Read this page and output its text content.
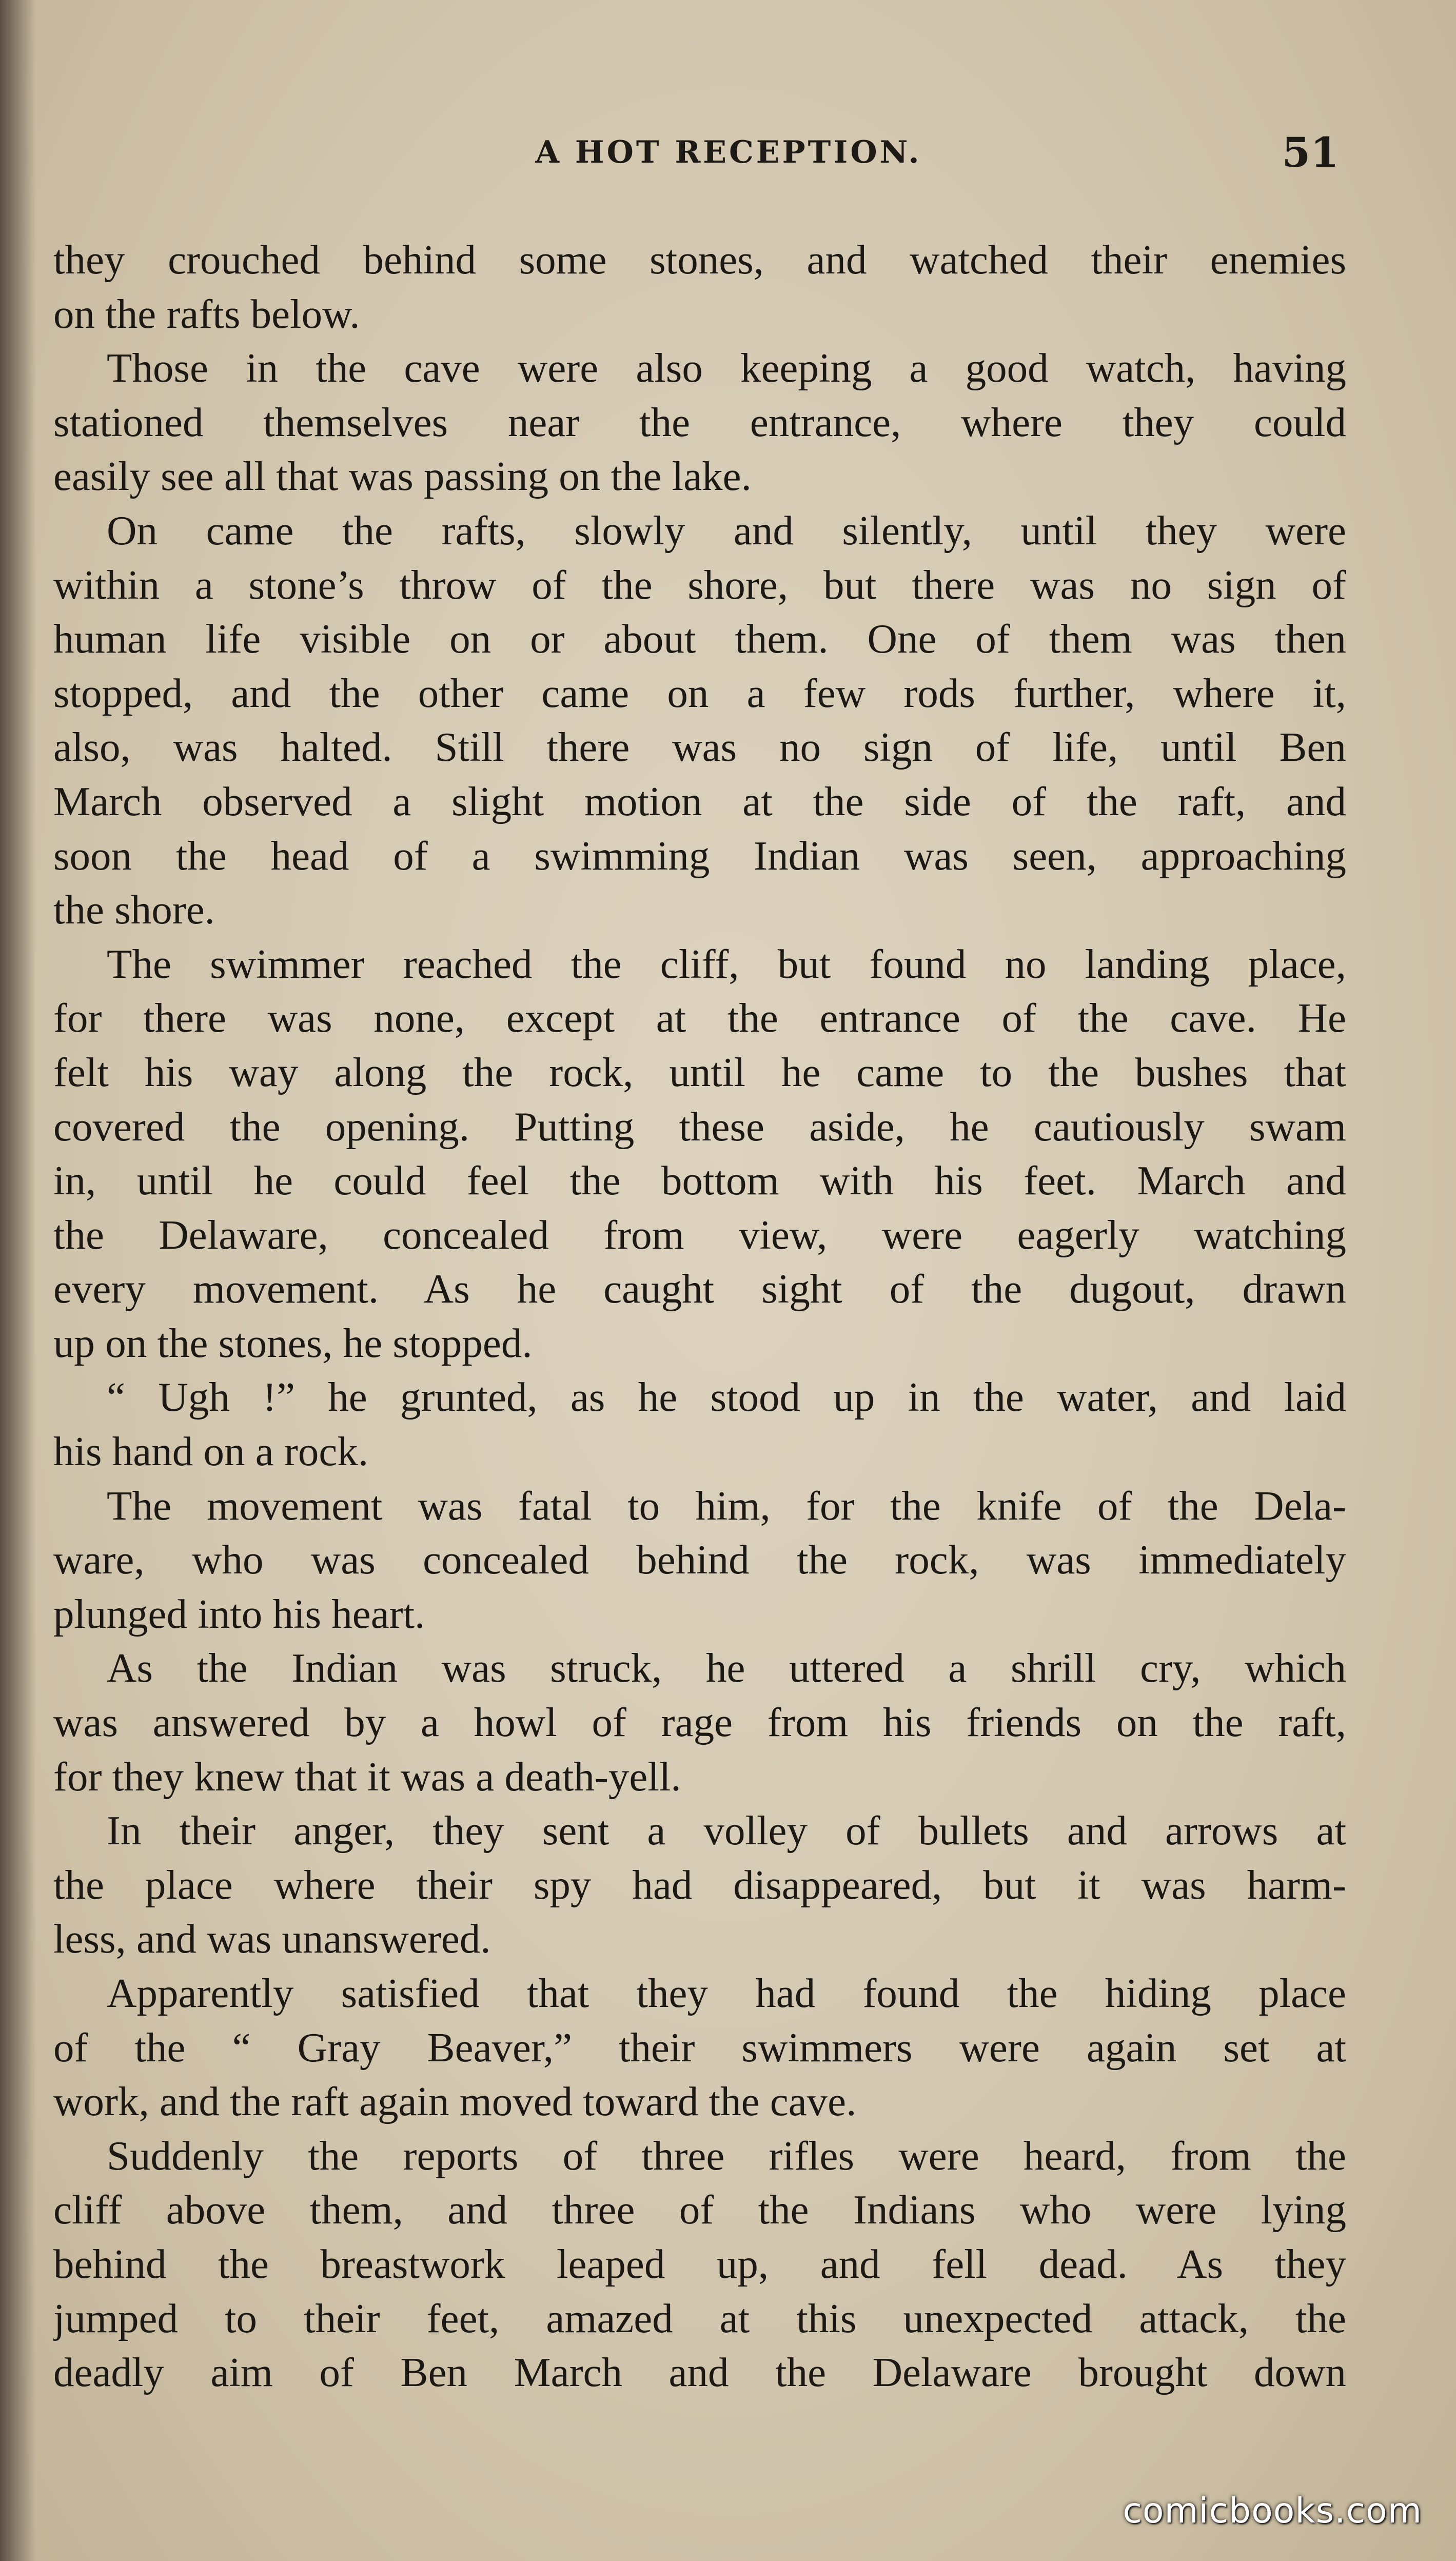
A HOT RECEPTION.	51
they crouched behind some stones, and watched their enemies
on the rafts below.
Those in the cave were also keeping a good watch, having
stationed themselves near the entrance, where they could
easily see all that was passing on the lake.
On came the rafts, slowly and silently, until they were
within a stone’s throw of the shore, but there was no sign of
human life visible on or about them. One of them was then
stopped, and the other came on a few rods further, where it,
also, was halted. Still there was no sign of life, until Ben
March observed a slight motion at the side of the raft, and
soon the head of a swimming Indian was seen, approaching
the shore.
The swimmer reached the cliff, but found no landing place,
for there was none, except at the entrance of the cave. He
felt his way along the rock, until he came to the bushes that
covered the opening. Putting these aside, he cautiously swam
in, until he could feel the bottom with his feet. March and
the Delaware, concealed from view, were eagerly watching
every movement. As he caught sight of the dugout, drawn
up on the stones, he stopped.
“ Ugh !” he grunted, as he stood up in the water, and laid
his hand on a rock.
The movement was fatal to him, for the knife of the Dela-
ware, who was concealed behind the rock, was immediately
plunged into his heart.
As the Indian was struck, he uttered a shrill cry, which
was answered by a howl of rage from his friends on the raft,
for they knew that it was a death-yell.
In their anger, they sent a volley of bullets and arrows at
the place where their spy had disappeared, but it was harm-
less, and was unanswered.
Apparently satisfied that they had found the hiding place
of the “ Gray Beaver,” their swimmers were again set at
work, and the raft again moved toward the cave.
Suddenly the reports of three rifles were heard, from the
cliff above them, and three of the Indians who were lying
behind the breastwork leaped up, and fell dead. As they
jumped to their feet, amazed at this unexpected attack, the
deadly aim of Ben March and the Delaware brought down
comicbooks.com
